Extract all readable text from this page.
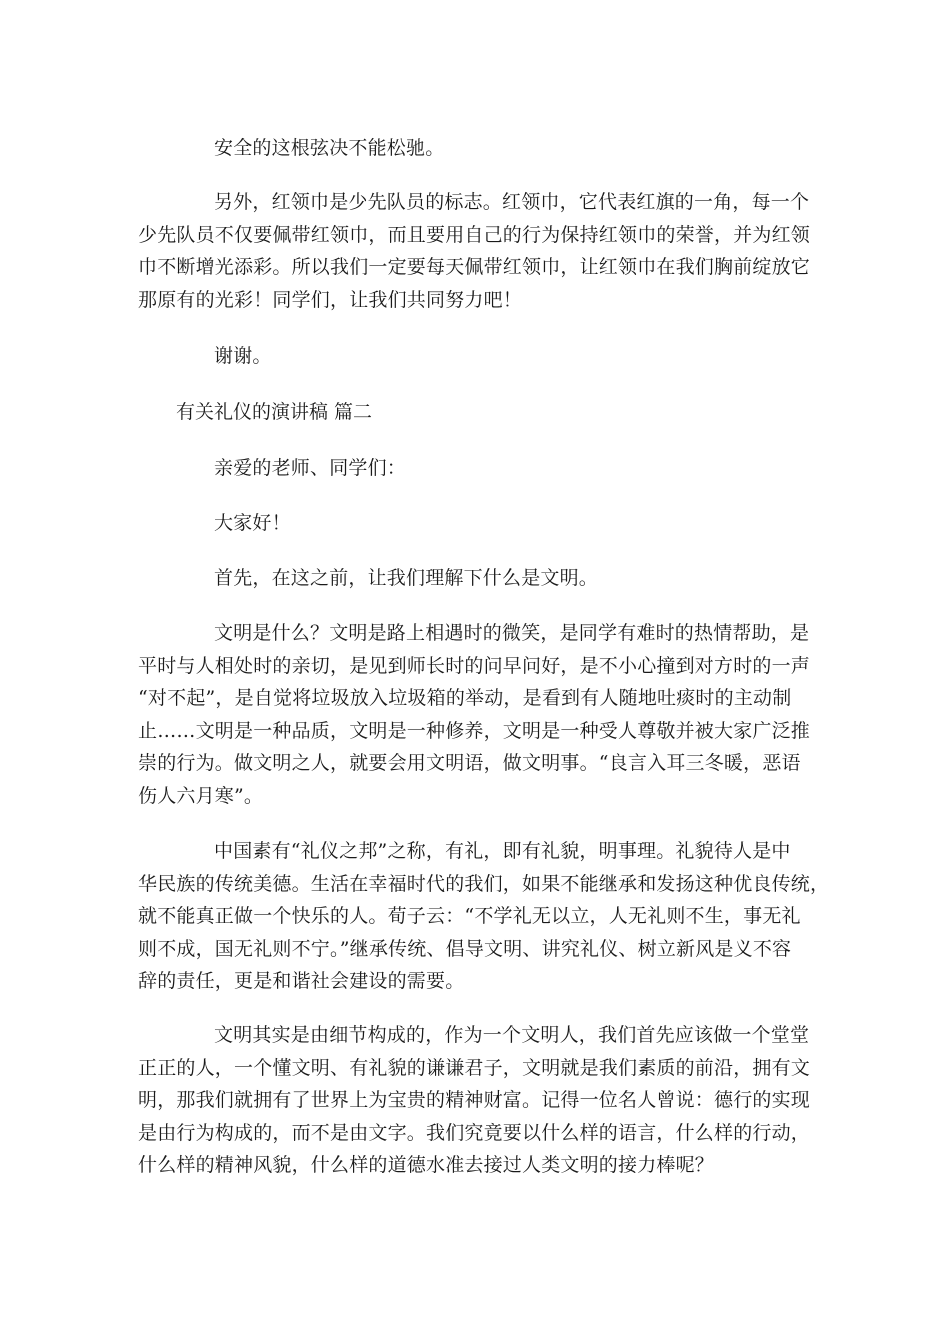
安全的这根弦决不能松驰。
另外，红领巾是少先队员的标志。红领巾，它代表红旗的一角，每一个
少先队员不仅要佩带红领巾，而且要用自己的行为保持红领巾的荣誉，并为红领
巾不断增光添彩。所以我们一定要每天佩带红领巾，让红领巾在我们胸前绽放它
那原有的光彩！同学们，让我们共同努力吧！
谢谢。
有关礼仪的演讲稿 篇二
亲爱的老师、同学们：
大家好！
首先，在这之前，让我们理解下什么是文明。
文明是什么？文明是路上相遇时的微笑，是同学有难时的热情帮助，是
平时与人相处时的亲切，是见到师长时的问早问好，是不小心撞到对方时的一声
“对不起”，是自觉将垃圾放入垃圾箱的举动，是看到有人随地吐痰时的主动制
止……文明是一种品质，文明是一种修养，文明是一种受人尊敬并被大家广泛推
崇的行为。做文明之人，就要会用文明语，做文明事。“良言入耳三冬暖，恶语
伤人六月寒”。
中国素有“礼仪之邦”之称，有礼，即有礼貌，明事理。礼貌待人是中
华民族的传统美德。生活在幸福时代的我们，如果不能继承和发扬这种优良传统，
就不能真正做一个快乐的人。荀子云：“不学礼无以立，人无礼则不生，事无礼
则不成，国无礼则不宁。”继承传统、倡导文明、讲究礼仪、树立新风是义不容
辞的责任，更是和谐社会建设的需要。
文明其实是由细节构成的，作为一个文明人，我们首先应该做一个堂堂
正正的人，一个懂文明、有礼貌的谦谦君子，文明就是我们素质的前沿，拥有文
明，那我们就拥有了世界上为宝贵的精神财富。记得一位名人曾说：德行的实现
是由行为构成的，而不是由文字。我们究竟要以什么样的语言，什么样的行动，
什么样的精神风貌，什么样的道德水准去接过人类文明的接力棒呢？
